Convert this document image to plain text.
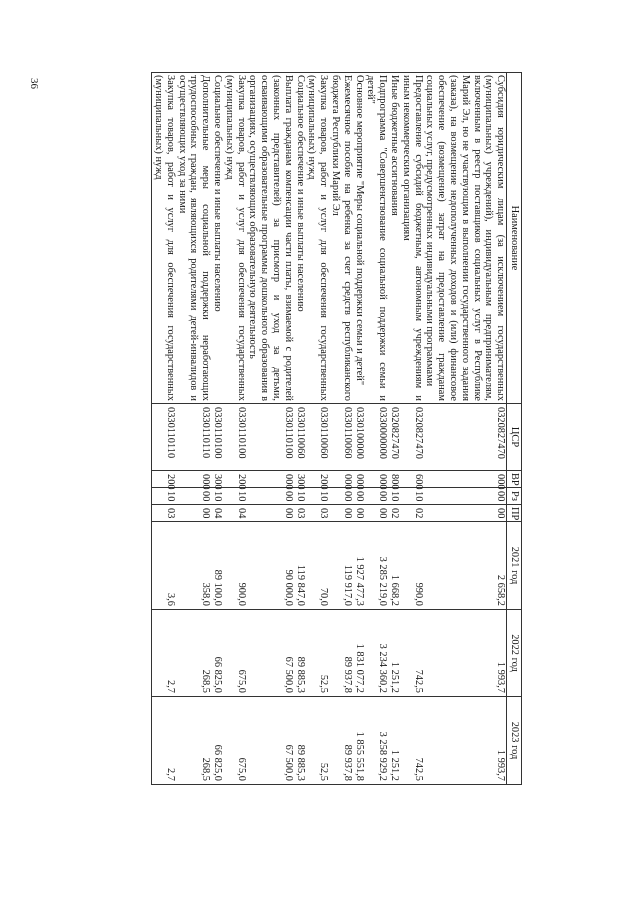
36
Наименование	ЦСР	ВР	Рз	ПР	2021 год	2022 год	2023 год
Субсидия юридическим лицам (за исключением государственных (муниципальных) учреждений), индивидуальным предпринимателям, включенным в реестр поставщиков социальных услуг в Республике Марий Эл, но не участвующим в выполнении государственного задания (заказа), на возмещение недополученных доходов и (или) финансовое обеспечение (возмещение) затрат на предоставление гражданам социальных услуг, предусмотренных индивидуальными программами	0320827470	000	00	00	2 658,2	1 993,7	1 993,7
Предоставление субсидий бюджетным, автономным учреждениям и иным некоммерческим организациям	0320827470	600	10	02	990,0	742,5	742,5
Иные бюджетные ассигнования	0320827470	800	10	02	1 668,2	1 251,2	1 251,2
Подпрограмма "Совершенствование социальной поддержки семьи и детей"	0330000000	000	00	00	3 285 219,0	3 234 360,2	3 258 929,2
Основное мероприятие "Меры социальной поддержки семьи и детей"	0330100000	000	00	00	1 927 477,3	1 831 077,2	1 855 551,8
Ежемесячное пособие на ребенка за счет средств республиканского бюджета Республики Марий Эл	0330110060	000	00	00	119 917,0	89 937,8	89 937,8
Закупка товаров, работ и услуг для обеспечения государственных (муниципальных) нужд	0330110060	200	10	03	70,0	52,5	52,5
Социальное обеспечение и иные выплаты населению	0330110060	300	10	03	119 847,0	89 885,3	89 885,3
Выплата гражданам компенсации части платы, взимаемой с родителей (законных представителей) за присмотр и уход за детьми, осваивающими образовательные программы дошкольного образования в организациях, осуществляющих образовательную деятельность	0330110100	000	00	00	90 000,0	67 500,0	67 500,0
Закупка товаров, работ и услуг для обеспечения государственных (муниципальных) нужд	0330110100	200	10	04	900,0	675,0	675,0
Социальное обеспечение и иные выплаты населению	0330110100	300	10	04	89 100,0	66 825,0	66 825,0
Дополнительные меры социальной поддержки неработающих трудоспособных граждан, являющихся родителями детей-инвалидов и осуществляющих уход за ними	0330110110	000	00	00	358,0	268,5	268,5
Закупка товаров, работ и услуг для обеспечения государственных (муниципальных) нужд	0330110110	200	10	03	3,6	2,7	2,7
